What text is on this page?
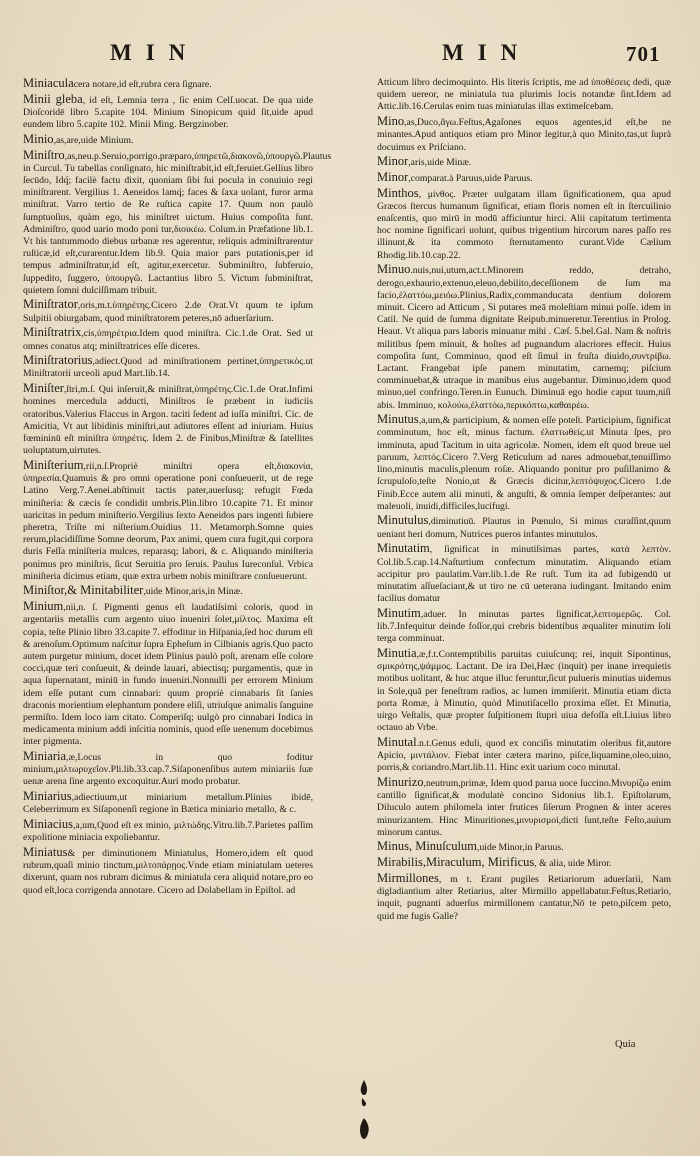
MIN	MIN	701
Miniaculacera notare,id eſt,rubra cera ſignare.
Minii gleba, id eſt, Lemnia terra , ſic enim Celſ.uocat. De qua uide Dioſcoridē libro 5.capite 104. Minium Sinopicum quid ſit,uide apud eundem libro 5.capite 102. Minii Ming. Bergzinober.
Minio,as,are,uide Minium.
Miniſtro,as,neu.p.Seruio,porrigo.præparo,ὑπηρετῶ,διακονῶ,ὑπουργῶ.Plautus in Curcul. Tu tabellas conſignato, hic miniſtrabit,id eſt,feruiet.Gellius libro ſecūdo, Idq́; facilè factu dixit, quoniam ſibi ſui pocula in conuiuio regi miniſtrarent. Vergilius 1. Aeneidos lamq́; faces & ſaxa uolant, furor arma miniſtrat. Varro tertio de Re ruſtica capite 17. Quum non paulò ſumptuoſius, quàm ego, his miniſtret uictum. Huius compoſita ſunt. Adminiſtro, quod uario modo poni tur,διοικέω. Colum.in Præfatione lib.1. Vt his tantummodo diebus urbanæ res agerentur, reliquis adminiſtrarentur ruſticæ,id eſt,curarentur.Idem lib.9. Quia maior pars putationis,per id tempus adminiſtratur,id eſt, agitur,exercetur. Subminiſtro, ſubferuio, ſuppedito, ſuggero, ὑπουργῶ. Lactantius libro 5. Victum ſubminiſtrat, quietem ſomni dulciſſimam tribuit.
Miniſtrator,oris,m.t.ὑπηρέτης.Cicero 2.de Orat.Vt quum te ipſum Sulpitii obiurgabam, quod miniſtratorem peteres,nō aduerſarium.
Miniſtratrix,cis,ὑπηρέτρια.Idem quod miniſtra. Cic.1.de Orat. Sed ut omnes conatus atq; miniſtratrices eſſe diceres.
Miniſtratorius,adiect.Quod ad miniſtrationem pertinet,ὑπηρετικὸς.ut Miniſtratorii urceoli apud Mart.lib.14.
Miniſter,ſtri,m.ſ. Qui inſeruit,& miniſtrat,ὑπηρέτης.Cic.1.de Orat.Infimi homines mercedula adducti, Miniſtros ſe præbent in iudiciis oratoribus.Valerius Flaccus in Argon. taciti ſedent ad iuſſa miniſtri. Cic. de Amicitia, Vt aut libidinis miniſtri,aut adiutores eſſent ad iniuriam. Huius fœmininū eſt miniſtra ὑπηρέτις. Idem 2. de Finibus,Miniſtræ & ſatellites uoluptatum,uirtutes.
Miniſterium,rii,n.ſ.Propriè miniſtri opera eſt,διακονία, ὑπηρεσία.Quamuis & pro omni operatione poni conſueuerit, ut de rege Latino Verg.7.Aenei.abſtinuit tactis pater,auerſusq; refugit Fœda miniſteria: & cæcis ſe condidit umbris.Plin.libro 10.capite 71. Et minor uaricitas in pedum miniſterio.Vergilius ſexto Aeneidos pars ingenti ſubiere pheretra, Triſte mi niſterium.Ouidius 11. Metamorph.Somne quies rerum,placidiſſime Somne deorum, Pax animi, quem cura fugit,qui corpora duris Feſſa miniſteria mulces, reparasq; labori, & c. Aliquando miniſteria ponimus pro miniſtris, ſicut Seruitia pro ſeruis. Paulus Iureconſul. Vrbica miniſteria dicimus etiam, quæ extra urbem nobis miniſtrare conſueuerunt.
Miniſtor,& Minitabiliter,uide Minor,aris,in Minæ.
Minium,nii,n. ſ. Pigmenti genus eſt laudatiſsimi coloris, quod in argentariis metallis cum argento uiuo inueniri ſolet,μίλτος. Maxima eſt copia, teſte Plinio libro 33.capite 7. effoditur in Hiſpania,ſed hoc durum eſt & arenoſum.Optimum naſcitur ſupra Epheſum in Cilbianis agris.Quo pacto autem purgetur minium, docet idem Plinius paulò poſt, arenam eſſe colore cocci,quæ teri conſueuit, & deinde lauari, abiectisq; purgamentis, quæ in aqua ſupernatant, miniū in fundo inueniri.Nonnulli per errorem Minium idem eſſe putant cum cinnabari: quum propriè cinnabaris ſit ſanies draconis morientium elephantum pondere eliſi, utriuſque animalis ſanguine permiſto. Idem loco iam citato. Comperiſq; uulgò pro cinnabari Indica in medicamenta minium addi inſcitia nominis, quod eſſe uenenum docebimus inter pigmenta.
Miniaria,æ,Locus in quo foditur minium,μιλτωρυχεῖον.Pli.lib.33.cap.7.Siſaponenſibus autem miniariis ſuæ uenæ arena ſine argento excoquitur.Auri modo probatur.
Miniarius,adiectiuum,ut miniarium metallum.Plinius ibidē, Celeberrimum ex Siſaponenſi regione in Bætica miniario metallo, & c.
Miniacius,a,um,Quod eſt ex minio, μιλτώδης.Vitru.lib.7.Parietes paſſim expolitione miniacia expoliebantur.
Miniatus& per diminutionem Miniatulus, Homero,idem eſt quod rubrum,quaſi minio tinctum,μιλτοπάρῃος.Vnde etiam miniatulam ueteres dixerunt, quam nos rubram dicimus & miniatula cera aliquid notare,pro eo quod eſt,loca corrigenda annotare. Cicero ad Dolabellam in Epiſtol. ad
Atticum libro decimoquinto. His literis ſcriptis, me ad ὑποθέσεις dedi, quæ quidem uereor, ne miniatula tua plurimis locis notandæ ſint.Idem ad Attic.lib.16.Cerulas enim tuas miniatulas illas extimeſcebam.
Mino,as,Duco,ἄγω.Feſtus,Agaſones equos agentes,id eſt,be ne minantes.Apud antiquos etiam pro Minor legitur,à quo Minito,tas,ut ſuprà docuimus ex Priſciano.
Minor,aris,uide Minæ.
Minor,comparat.à Paruus,uide Paruus.
Minthos, μίνθος. Præter uulgatam illam ſignificationem, qua apud Græcos ſtercus humanum ſignificat, etiam floris nomen eſt in ſtercuilinio enaſcentis, quo mirū in modū afficiuntur hirci. Alii capitatum tertimenta hoc nomine ſignificari uolunt, quibus trigentium hircorum nares paſſo res illinunt,& ita commoto ſternutamento curant.Vide Cælium Rhodig.lib.10.cap.22.
Minuo.nuis,nui,utum,act.t.Minorem reddo, detraho, derogo,exhaurio,extenuo,eleuo,debilito,deceſſionem de ſum ma facio,ἐλαττόω,μειόω.Plinius,Radix,commanducata dentium dolorem minuit. Cicero ad Atticum , Si putares meā moleſtiam minui poſſe. idem in Catil. Ne quid de ſumma dignitate Reipub.minueretur.Terentius in Prolog. Heaut. Vt aliqua pars laboris minuatur mihi . Cæſ. 5.bel.Gal. Nam & noſtris militibus ſpem minuit, & hoſtes ad pugnandum alacriores effecit. Huius compoſita ſunt, Comminuo, quod eſt ſimul in fruſta diuido,συντρίβω. Lactant. Frangebat ipſe panem minutatim, carnemq; piſcium comminuebat,& utraque in manibus eius augebantur. Diminuo,idem quod minuo,uel confringo.Teren.in Eunuch. Diminuā ego hodie caput tuum,niſi abis. Imminuo, κολούω,ἐλαττόω,περικόπτω,καθαιρέω.
Minutus,a,um,& participium, & nomen eſſe poteſt. Participium, ſignificat comminutum, hoc eſt, minus factum. ἐλαττωθείς.ut Minuta ſpes, pro imminuta, apud Tacitum in uita agricolæ. Nomen, idem eſt quod breue uel paruum, λεπτός.Cicero 7.Verg Reticulum ad nares admouebat,tenuiſſimo lino,minutis maculis,plenum roſæ. Aliquando ponitur pro puſillanimo & ſcrupuloſo,teſte Nonio,ut & Græcis dicitur,λεπτόψυχος.Cicero 1.de Finib.Ecce autem alii minuti, & anguſti, & omnia ſemper deſperantes: aut maleuoli, inuidi,difficiles,lucifugi.
Minutulus,diminutiuū. Plautus in Pœnulo, Si minus curaſſint,quum ueniant heri domum, Nutrices pueros infantes minutulos.
Minutatim, ſignificat in minutiſsimas partes, κατὰ λεπτὸν. Col.lib.5.cap.14.Naſturtium confectum minutatim. Aliquando etiam accipitur pro paulatim.Varr.lib.1.de Re ruſt. Tum ita ad ſubigendū ut minutatim aſſueſaciant,& ut tiro ne cū ueterana iudingant. Imitando enim facilius domatur
Minutim,aduer. In minutas partes ſignificat,λεπτομερῶς. Col. lib.7.Infequitur deinde foſſor,qui crebris bidentibus æqualiter minutim ſoli terga comminuat.
Minutia,æ,f.t.Contemptibilis paruitas cuiuſcunq; rei, inquit Sipontinus, σμικρότης,ψάμμος. Lactant. De ira Dei,Hæc (inquit) per inane irrequietis motibus uolitant, & huc atque illuc feruntur,ſicut pulueris minutias uidemus in Sole,quā per feneſtram radios, ac lumen immiſerit. Minutia etiam dicta porta Romæ, à Minutio, quòd Minutiſacello proxima eſſet. Et Minutia, uirgo Veſtalis, quæ propter ſuſpitionem ſtupri uiua defoſſa eſt.Liuius libro octauo ab Vrbe.
Minutal.n.t.Genus eduli, quod ex conciſis minutatim oleribus fit,autore Apicio, μιντάλιον. Fiebat inter cætera marino, piſce,liquamine,oleo,uino, porris,& coriandro.Mart.lib.11. Hinc exit uarium coco minutal.
Minurizo,neutrum,primæ, Idem quod parua uoce ſuccino.Μινυρίζω enim cantillo ſignificat,& modulatè concino Sidonius lib.1. Epiſtolarum, Diluculo autem philomela inter frutices ſiſerum Prognen & inter aceres minurizantem. Hinc Minuritiones,μινυρισμοὶ,dicti ſunt,teſte Feſto,auium minorum cantus.
Minus, Minuſculum,uide Minor,in Paruus.
Mirabilis,Miraculum, Mirificus, & alia, uide Miror.
Mirmillones, m t. Erant pugiles Retiariorum aduerſarii, Nam digladiantium alter Retiarius, alter Mirmillo appellabatur.Feſtus,Retiario, inquit, pugnanti aduerſus mirmillonem cantatur,Nō te peto,piſcem peto, quid me fugis Galle?
Quia
